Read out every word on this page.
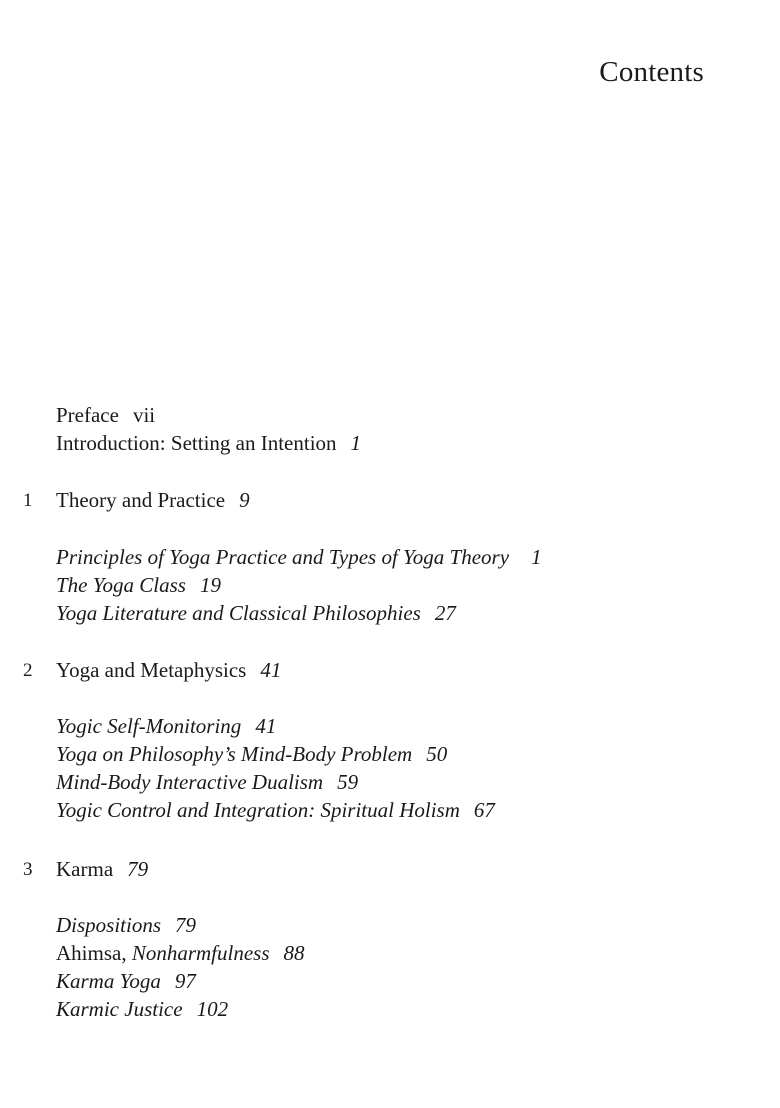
Contents
Preface vii
Introduction: Setting an Intention 1
1 Theory and Practice 9
Principles of Yoga Practice and Types of Yoga Theory 1
The Yoga Class 19
Yoga Literature and Classical Philosophies 27
2 Yoga and Metaphysics 41
Yogic Self-Monitoring 41
Yoga on Philosophy’s Mind-Body Problem 50
Mind-Body Interactive Dualism 59
Yogic Control and Integration: Spiritual Holism 67
3 Karma 79
Dispositions 79
Ahimsa, Nonharmfulness 88
Karma Yoga 97
Karmic Justice 102
